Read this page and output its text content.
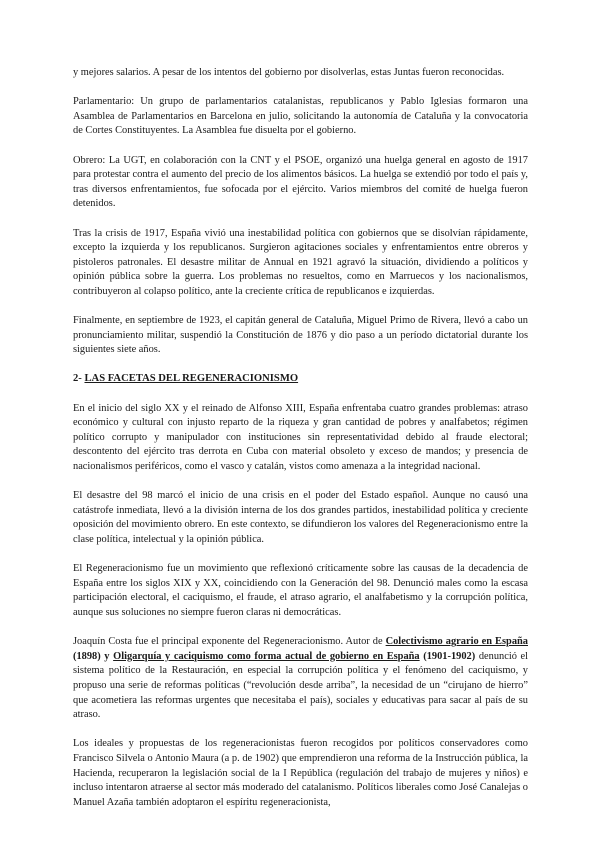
y mejores salarios. A pesar de los intentos del gobierno por disolverlas, estas Juntas fueron reconocidas.

Parlamentario: Un grupo de parlamentarios catalanistas, republicanos y Pablo Iglesias formaron una Asamblea de Parlamentarios en Barcelona en julio, solicitando la autonomía de Cataluña y la convocatoria de Cortes Constituyentes. La Asamblea fue disuelta por el gobierno.

Obrero: La UGT, en colaboración con la CNT y el PSOE, organizó una huelga general en agosto de 1917 para protestar contra el aumento del precio de los alimentos básicos. La huelga se extendió por todo el país y, tras diversos enfrentamientos, fue sofocada por el ejército. Varios miembros del comité de huelga fueron detenidos.

Tras la crisis de 1917, España vivió una inestabilidad política con gobiernos que se disolvían rápidamente, excepto la izquierda y los republicanos. Surgieron agitaciones sociales y enfrentamientos entre obreros y pistoleros patronales. El desastre militar de Annual en 1921 agravó la situación, dividiendo a políticos y opinión pública sobre la guerra. Los problemas no resueltos, como en Marruecos y los nacionalismos, contribuyeron al colapso político, ante la creciente crítica de republicanos e izquierdas.

Finalmente, en septiembre de 1923, el capitán general de Cataluña, Miguel Primo de Rivera, llevó a cabo un pronunciamiento militar, suspendió la Constitución de 1876 y dio paso a un período dictatorial durante los siguientes siete años.

2- LAS FACETAS DEL REGENERACIONISMO

En el inicio del siglo XX y el reinado de Alfonso XIII, España enfrentaba cuatro grandes problemas: atraso económico y cultural con injusto reparto de la riqueza y gran cantidad de pobres y analfabetos; régimen político corrupto y manipulador con instituciones sin representatividad debido al fraude electoral; descontento del ejército tras derrota en Cuba con material obsoleto y exceso de mandos; y presencia de nacionalismos periféricos, como el vasco y catalán, vistos como amenaza a la integridad nacional.

El desastre del 98 marcó el inicio de una crisis en el poder del Estado español. Aunque no causó una catástrofe inmediata, llevó a la división interna de los dos grandes partidos, inestabilidad política y creciente oposición del movimiento obrero. En este contexto, se difundieron los valores del Regeneracionismo entre la clase política, intelectual y la opinión pública.

El Regeneracionismo fue un movimiento que reflexionó críticamente sobre las causas de la decadencia de España entre los siglos XIX y XX, coincidiendo con la Generación del 98. Denunció males como la escasa participación electoral, el caciquismo, el fraude, el atraso agrario, el analfabetismo y la corrupción política, aunque sus soluciones no siempre fueron claras ni democráticas.

Joaquín Costa fue el principal exponente del Regeneracionismo. Autor de Colectivismo agrario en España (1898) y Oligarquía y caciquismo como forma actual de gobierno en España (1901-1902) denunció el sistema político de la Restauración, en especial la corrupción política y el fenómeno del caciquismo, y propuso una serie de reformas políticas (“revolución desde arriba”, la necesidad de un “cirujano de hierro” que acometiera las reformas urgentes que necesitaba el país), sociales y educativas para sacar al país de su atraso.

Los ideales y propuestas de los regeneracionistas fueron recogidos por políticos conservadores como Francisco Silvela o Antonio Maura (a p. de 1902) que emprendieron una reforma de la Instrucción pública, la Hacienda, recuperaron la legislación social de la I República (regulación del trabajo de mujeres y niños) e incluso intentaron atraerse al sector más moderado del catalanismo. Políticos liberales como José Canalejas o Manuel Azaña también adoptaron el espíritu regeneracionista,
